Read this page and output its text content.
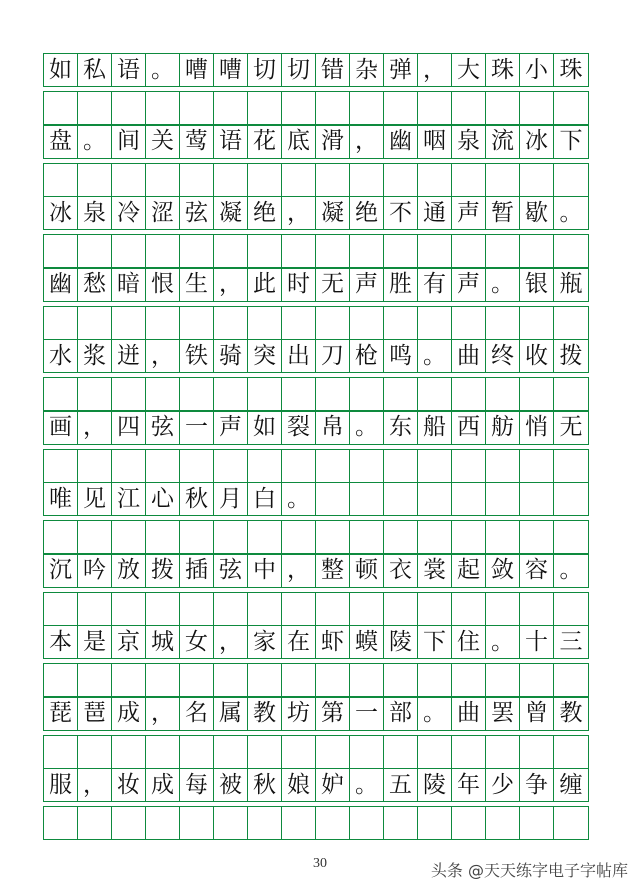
如 私 语 。 嘈 嘈 切 切 错 杂 弹 ， 大 珠 小 珠
盘 。 间 关 莺 语 花 底 滑 ， 幽 咽 泉 流 冰 下
冰 泉 冷 涩 弦 凝 绝 ， 凝 绝 不 通 声 暂 歇 。
幽 愁 暗 恨 生 ， 此 时 无 声 胜 有 声 。 银 瓶
水 浆 迸 ， 铁 骑 突 出 刀 枪 鸣 。 曲 终 收 拨
画 ， 四 弦 一 声 如 裂 帛 。 东 船 西 舫 悄 无
唯 见 江 心 秋 月 白 。
沉 吟 放 拨 插 弦 中 ， 整 顿 衣 裳 起 敛 容 。
本 是 京 城 女 ， 家 在 虾 蟆 陵 下 住 。 十 三
琵 琶 成 ， 名 属 教 坊 第 一 部 。 曲 罢 曾 教
服 ， 妆 成 每 被 秋 娘 妒 。 五 陵 年 少 争 缠
30	头条 @天天练字电子字帖库
